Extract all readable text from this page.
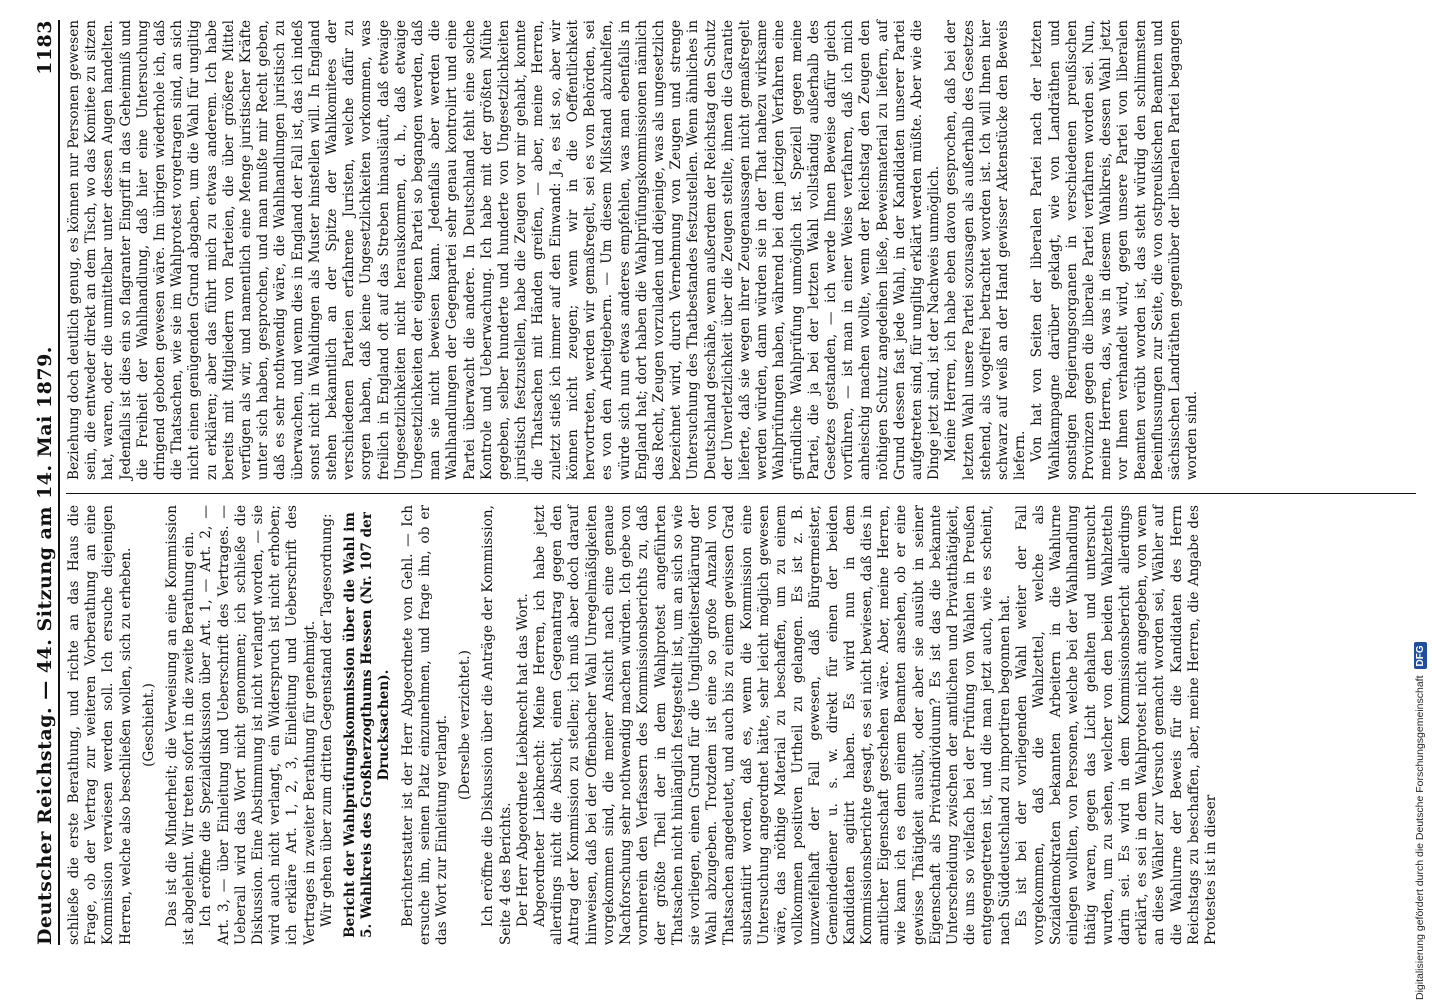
Deutscher Reichstag. — 44. Sitzung am 14. Mai 1879.
1183

schließe die erste Berathung, und richte an das Haus die Frage, ob der Vertrag zur weiteren Vorberathung an eine Kommission verwiesen werden soll. Ich ersuche diejenigen Herren, welche also beschließen wollen, sich zu erheben. (Geschieht.) Das ist die Minderheit; die Verweisung an eine Kommission ist abgelehnt. Wir treten sofort in die zweite Berathung ein. Ich eröffne die Spezialdiskussion über Art. 1, — Art. 2, — Art. 3, — über Einleitung und Ueberschrift des Vertrages. — Ueberall wird das Wort nicht genommen; ich schließe die Diskussion. Eine Abstimmung ist nicht verlangt worden, — sie wird auch nicht verlangt, ein Widerspruch ist nicht erhoben; ich erkläre Art. 1, 2, 3, Einleitung und Ueberschrift des Vertrages in zweiter Berathung für genehmigt. Wir gehen über zum dritten Gegenstand der Tagesordnung: Bericht der Wahlprüfungskommission über die Wahl im 5. Wahlkreis des Großherzogthums Hessen (Nr. 107 der Drucksachen). Berichterstatter ist der Herr Abgeordnete von Gehl. — Ich ersuche ihn, seinen Platz einzunehmen, und frage ihn, ob er das Wort zur Einleitung verlangt. (Derselbe verzichtet.) Ich eröffne die Diskussion über die Anträge der Kommission, Seite 4 des Berichts. Der Herr Abgeordnete Liebknecht hat das Wort. Abgeordneter Liebknecht: Meine Herren, ich habe jetzt allerdings nicht die Absicht, einen Gegenantrag gegen den Antrag der Kommission zu stellen; ich muß aber doch darauf hinweisen, daß bei der Offenbacher Wahl Unregelmäßigkeiten vorgekommen sind, die meiner Ansicht nach eine genaue Nachforschung sehr nothwendig machen würden. Ich gebe von vornherein den Verfassern des Kommissionsberichts zu, daß der größte Theil der in dem Wahlprotest angeführten Thatsachen nicht hinlänglich festgestellt ist, um an sich so wie sie vorliegen, einen Grund für die Ungiltigkeitserklärung der Wahl abzugeben. Trotzdem ist eine so große Anzahl von Thatsachen angedeutet, und auch bis zu einem gewissen Grad substantiirt worden, daß es, wenn die Kommission eine Untersuchung angeordnet hätte, sehr leicht möglich gewesen wäre, das nöthige Material zu beschaffen, um zu einem vollkommen positiven Urtheil zu gelangen. Es ist z. B. unzweifelhaft der Fall gewesen, daß Bürgermeister, Gemeindediener u. s. w. direkt für einen der beiden Kandidaten agitirt haben. Es wird nun in dem Kommissionsberichte gesagt, es sei nicht bewiesen, daß dies in amtlicher Eigenschaft geschehen wäre. Aber, meine Herren, wie kann ich es denn einem Beamten ansehen, ob er eine gewisse Thätigkeit ausübt, oder aber sie ausübt in seiner Eigenschaft als Privatindividuum? Es ist das die bekannte Unterscheidung zwischen der amtlichen und Privatthätigkeit, die uns so vielfach bei der Prüfung von Wahlen in Preußen entgegengetreten ist, und die man jetzt auch, wie es scheint, nach Süddeutschland zu importiren begonnen hat. Es ist bei der vorliegenden Wahl weiter der Fall vorgekommen, daß die Wahlzettel, welche als Sozialdemokraten bekannten Arbeitern in die Wahlurne einlegen wollten, von Personen, welche bei der Wahlhandlung thätig waren, gegen das Licht gehalten und untersucht wurden, um zu sehen, welcher von den beiden Wahlzetteln darin sei. Es wird in dem Kommissionsbericht allerdings erklärt, es sei in dem Wahlprotest nicht angegeben, von wem an diese Wähler zur Versuch gemacht worden sei, Wähler auf die Wahlurne der Beweis für die Kandidaten des Herrn Reichstags zu beschaffen, aber, meine Herren, die Angabe des Protestes ist in dieser

Beziehung doch deutlich genug, es können nur Personen gewesen sein, die entweder direkt an dem Tisch, wo das Komitee zu sitzen hat, waren, oder die unmittelbar unter dessen Augen handelten. Jedenfalls ist dies ein so flagranter Eingriff in das Geheimniß und die Freiheit der Wahlhandlung, daß hier eine Untersuchung dringend geboten gewesen wäre. Im übrigen wiederhole ich, daß die Thatsachen, wie sie im Wahlprotest vorgetragen sind, an sich nicht einen genügenden Grund abgaben, um die Wahl für ungiltig zu erklären; aber das führt mich zu etwas anderem. Ich habe bereits mit Mitgliedern von Parteien, die über größere Mittel verfügen als wir, und namentlich eine Menge juristischer Kräfte unter sich haben, gesprochen, und man mußte mir Recht geben, daß es sehr nothwendig wäre, die Wahlhandlungen juristisch zu überwachen, und wenn dies in England der Fall ist, das ich indeß sonst nicht in Wahldingen als Muster hinstellen will. In England stehen bekanntlich an der Spitze der Wahlkomitees der verschiedenen Parteien erfahrene Juristen, welche dafür zu sorgen haben, daß keine Ungesetzlichkeiten vorkommen, was freilich in England oft auf das Streben hinausläuft, daß etwaige Ungesetzlichkeiten nicht herauskommen, d. h., daß etwaige Ungesetzlichkeiten der eigenen Partei so begangen werden, daß man sie nicht beweisen kann. Jedenfalls aber werden die Wahlhandlungen der Gegenpartei sehr genau kontrolirt und eine Partei überwacht die andere. In Deutschland fehlt eine solche Kontrole und Ueberwachung. Ich habe mit der größten Mühe gegeben, selber hunderte und hunderte von Ungesetzlichkeiten juristisch festzustellen, habe die Zeugen vor mir gehabt, konnte die Thatsachen mit Händen greifen, — aber, meine Herren, zuletzt stieß ich immer auf den Einwand: Ja, es ist so, aber wir können nicht zeugen; wenn wir in die Oeffentlichkeit hervortreten, werden wir gemaßregelt, sei es von Behörden, sei es von den Arbeitgebern. — Um diesem Mißstand abzuhelfen, würde sich nun etwas anderes empfehlen, was man ebenfalls in England hat; dort haben die Wahlprüfungskommissionen nämlich das Recht, Zeugen vorzuladen und diejenige, was als ungesetzlich bezeichnet wird, durch Vernehmung von Zeugen und strenge Untersuchung des Thatbestandes festzustellen. Wenn ähnliches in Deutschland geschähe, wenn außerdem der Reichstag den Schutz der Unverletzlichkeit über die Zeugen stellte, ihnen die Garantie lieferte, daß sie wegen ihrer Zeugenaussagen nicht gemaßregelt werden würden, dann würden sie in der That nahezu wirksame Wahlprüfungen haben, während bei dem jetzigen Verfahren eine gründliche Wahlprüfung unmöglich ist. Speziell gegen meine Partei, die ja bei der letzten Wahl vollständig außerhalb des Gesetzes gestanden, — ich werde Ihnen Beweise dafür gleich vorführen, — ist man in einer Weise verfahren, daß ich mich anheischig machen wollte, wenn der Reichstag den Zeugen den nöthigen Schutz angedeihen ließe, Beweismaterial zu liefern, auf Grund dessen fast jede Wahl, in der Kandidaten unserer Partei aufgetreten sind, für ungiltig erklärt werden müßte. Aber wie die Dinge jetzt sind, ist der Nachweis unmöglich. Meine Herren, ich habe eben davon gesprochen, daß bei der letzten Wahl unsere Partei sozusagen als außerhalb des Gesetzes stehend, als vogelfrei betrachtet worden ist. Ich will Ihnen hier schwarz auf weiß an der Hand gewisser Aktenstücke den Beweis liefern. Von hat von Seiten der liberalen Partei nach der letzten Wahlkampagne darüber geklagt, wie von Landräthen und sonstigen Regierungsorganen in verschiedenen preußischen Provinzen gegen die liberale Partei verfahren worden sei. Nun, meine Herren, das, was in diesem Wahlkreis, dessen Wahl jetzt vor Ihnen verhandelt wird, gegen unsere Partei von liberalen Beamten verübt worden ist, das steht würdig den schlimmsten Beeinflussungen zur Seite, die von ostpreußischen Beamten und sächsischen Landräthen gegenüber der liberalen Partei begangen worden sind.

Digitalisierung gefördert durch die Deutsche Forschungsgemeinschaft
DFG
